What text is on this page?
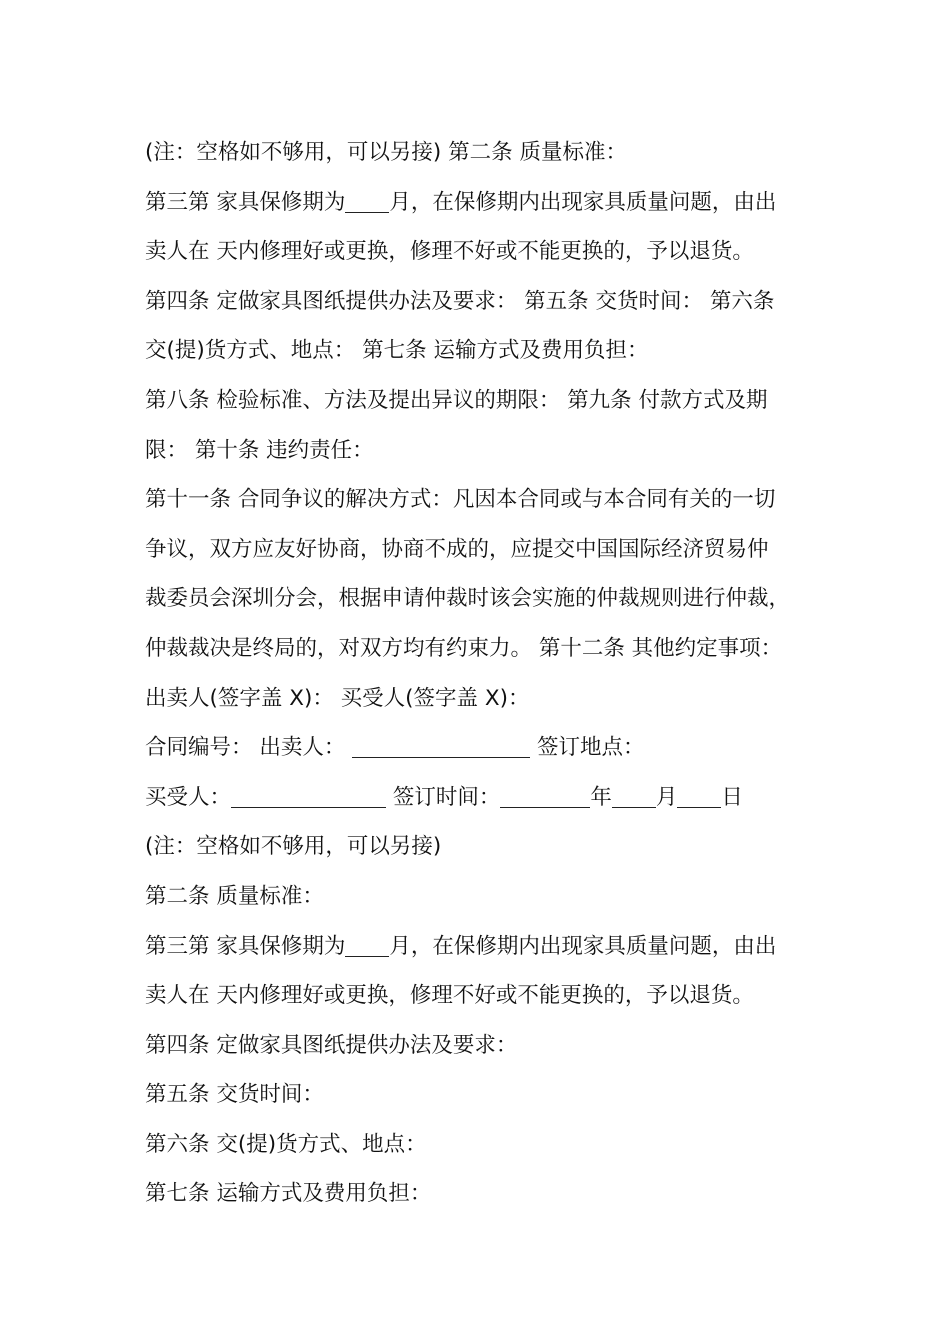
(注：空格如不够用，可以另接) 第二条 质量标准：
第三第 家具保修期为 月，在保修期内出现家具质量问题，由出
卖人在 天内修理好或更换，修理不好或不能更换的，予以退货。
第四条 定做家具图纸提供办法及要求： 第五条 交货时间： 第六条
交(提)货方式、地点： 第七条 运输方式及费用负担：
第八条 检验标准、方法及提出异议的期限： 第九条 付款方式及期
限： 第十条 违约责任：
第十一条 合同争议的解决方式：凡因本合同或与本合同有关的一切
争议，双方应友好协商，协商不成的，应提交中国国际经济贸易仲
裁委员会深圳分会，根据申请仲裁时该会实施的仲裁规则进行仲裁，
仲裁裁决是终局的，对双方均有约束力。 第十二条 其他约定事项：
出卖人(签字盖 X)： 买受人(签字盖 X)：
合同编号： 出卖人：	签订地点：
买受人：	签订时间：	年 月 日
(注：空格如不够用，可以另接)
第二条 质量标准：
第三第 家具保修期为 月，在保修期内出现家具质量问题，由出
卖人在 天内修理好或更换，修理不好或不能更换的，予以退货。
第四条 定做家具图纸提供办法及要求：
第五条 交货时间：
第六条 交(提)货方式、地点：
第七条 运输方式及费用负担：
